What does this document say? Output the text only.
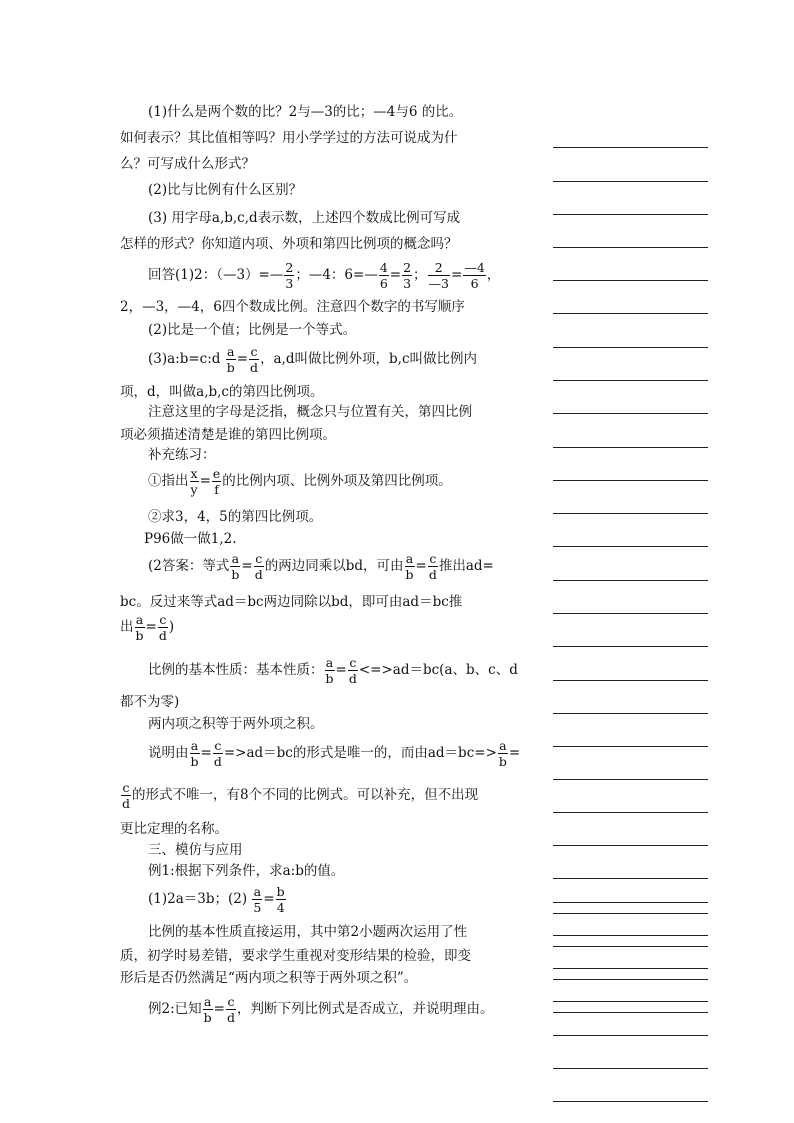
(1)什么是两个数的比？2与—3的比；—4与6 的比。
如何表示？其比值相等吗？用小学学过的方法可说成为什
么？可写成什么形式？
(2)比与比例有什么区别？
(3) 用字母a,b,c,d表示数，上述四个数成比例可写成
怎样的形式？你知道内项、外项和第四比例项的概念吗？
回答(1)2：（—3）=— $\frac{2}{3}$ ；—4：6=— $\frac{4}{6} = \frac{2}{3}$ ； $\frac{2}{—3} = \frac{—4}{6}$ ，
2，—3，—4，6四个数成比例。注意四个数字的书写顺序
(2)比是一个值；比例是一个等式。
(3)a:b=c:d $\frac{a}{b} = \frac{c}{d}$ ，a,d叫做比例外项，b,c叫做比例内
项，d，叫做a,b,c的第四比例项。
注意这里的字母是泛指，概念只与位置有关，第四比例
项必须描述清楚是谁的第四比例项。
补充练习：
①指出 $\frac{x}{y} = \frac{e}{f}$ 的比例内项、比例外项及第四比例项。
②求3，4，5的第四比例项。
P96做一做1,2.
(2答案：等式 $\frac{a}{b} = \frac{c}{d}$ 的两边同乘以bd，可由 $\frac{a}{b} = \frac{c}{d}$ 推出ad=
bc。反过来等式ad＝bc两边同除以bd，即可由ad＝bc推
出 $\frac{a}{b} = \frac{c}{d}$ )
比例的基本性质：基本性质： $\frac{a}{b} = \frac{c}{d} <=>ad=bc(a$、b、c、d
都不为零)
两内项之积等于两外项之积。
说明由 $\frac{a}{b} = \frac{c}{d} =>ad=bc$的形式是唯一的，而由$ad=bc=> \frac{a}{b}$ =
$\frac{c}{d}$ 的形式不唯一，有8个不同的比例式。可以补充，但不出现
更比定理的名称。
三、模仿与应用
例1:根据下列条件，求a:b的值。
(1)2a＝3b；$(2) \frac{a}{5} = \frac{b}{4}$
比例的基本性质直接运用，其中第2小题两次运用了性
质，初学时易差错，要求学生重视对变形结果的检验，即变
形后是否仍然满足“两内项之积等于两外项之积”。
例2:已知 $\frac{a}{b} = \frac{c}{d}$ ，判断下列比例式是否成立，并说明理由。
